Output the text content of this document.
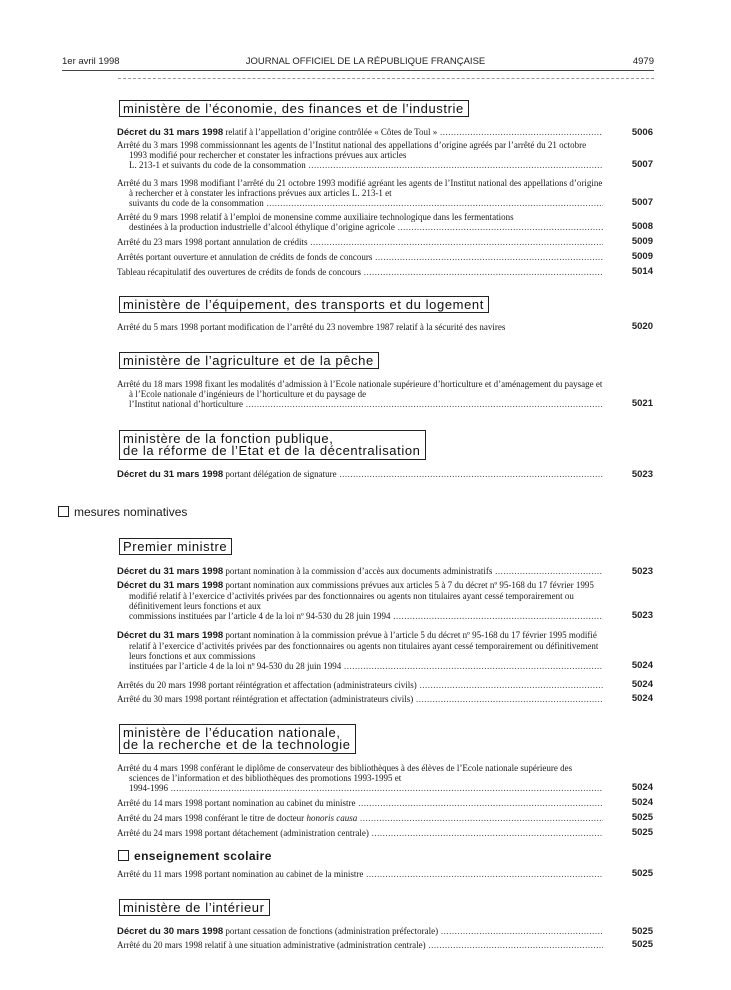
1er avril 1998	JOURNAL OFFICIEL DE LA RÉPUBLIQUE FRANÇAISE	4979
ministère de l’économie, des finances et de l’industrie
Décret du 31 mars 1998 relatif à l’appellation d’origine contrôlée « Côtes de Toul » .....	5006
Arrêté du 3 mars 1998 commissionnant les agents de l’Institut national des appellations d’origine agréés par l’arrêté du 21 octobre 1993 modifié pour rechercher et constater les infractions prévues aux articles
L. 213-1 et suivants du code de la consommation .....	5007
Arrêté du 3 mars 1998 modifiant l’arrêté du 21 octobre 1993 modifié agréant les agents de l’Institut national des appellations d’origine à rechercher et à constater les infractions prévues aux articles L. 213-1 et
suivants du code de la consommation .....	5007
Arrêté du 9 mars 1998 relatif à l’emploi de monensine comme auxiliaire technologique dans les fermentations
destinées à la production industrielle d’alcool éthylique d’origine agricole .....	5008
Arrêté du 23 mars 1998 portant annulation de crédits .....	5009
Arrêtés portant ouverture et annulation de crédits de fonds de concours .....	5009
Tableau récapitulatif des ouvertures de crédits de fonds de concours .....	5014
ministère de l’équipement, des transports et du logement
Arrêté du 5 mars 1998 portant modification de l’arrêté du 23 novembre 1987 relatif à la sécurité des navires	5020
ministère de l’agriculture et de la pêche
Arrêté du 18 mars 1998 fixant les modalités d’admission à l’Ecole nationale supérieure d’horticulture et d’aménagement du paysage et à l’Ecole nationale d’ingénieurs de l’horticulture et du paysage de
l’Institut national d’horticulture .....	5021
ministère de la fonction publique,
de la réforme de l’Etat et de la décentralisation
Décret du 31 mars 1998 portant délégation de signature .....	5023
mesures nominatives
Premier ministre
Décret du 31 mars 1998 portant nomination à la commission d’accès aux documents administratifs .....	5023
Décret du 31 mars 1998 portant nomination aux commissions prévues aux articles 5 à 7 du décret nº 95-168 du 17 février 1995 modifié relatif à l’exercice d’activités privées par des fonctionnaires ou agents non titulaires ayant cessé temporairement ou définitivement leurs fonctions et aux
commissions instituées par l’article 4 de la loi nº 94-530 du 28 juin 1994 .....	5023
Décret du 31 mars 1998 portant nomination à la commission prévue à l’article 5 du décret nº 95-168 du 17 février 1995 modifié relatif à l’exercice d’activités privées par des fonctionnaires ou agents non titulaires ayant cessé temporairement ou définitivement leurs fonctions et aux commissions
instituées par l’article 4 de la loi nº 94-530 du 28 juin 1994 .....	5024
Arrêtés du 20 mars 1998 portant réintégration et affectation (administrateurs civils) .....	5024
Arrêté du 30 mars 1998 portant réintégration et affectation (administrateurs civils) .....	5024
ministère de l’éducation nationale,
de la recherche et de la technologie
Arrêté du 4 mars 1998 conférant le diplôme de conservateur des bibliothèques à des élèves de l’Ecole nationale supérieure des sciences de l’information et des bibliothèques des promotions 1993-1995 et
1994-1996 .....	5024
Arrêté du 14 mars 1998 portant nomination au cabinet du ministre .....	5024
Arrêté du 24 mars 1998 conférant le titre de docteur honoris causa .....	5025
Arrêté du 24 mars 1998 portant détachement (administration centrale) .....	5025
enseignement scolaire
Arrêté du 11 mars 1998 portant nomination au cabinet de la ministre .....	5025
ministère de l’intérieur
Décret du 30 mars 1998 portant cessation de fonctions (administration préfectorale) .....	5025
Arrêté du 20 mars 1998 relatif à une situation administrative (administration centrale) .....	5025
